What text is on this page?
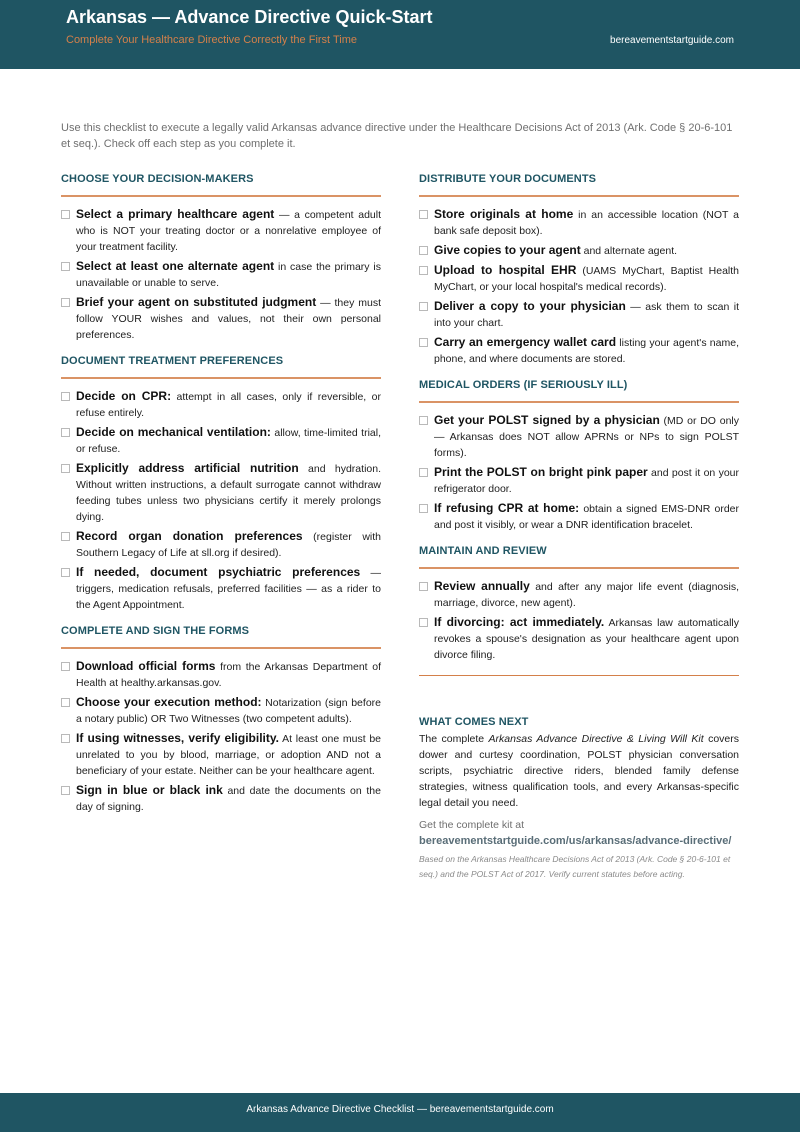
Arkansas — Advance Directive Quick-Start
Complete Your Healthcare Directive Correctly the First Time	bereavementstartguide.com
Use this checklist to execute a legally valid Arkansas advance directive under the Healthcare Decisions Act of 2013 (Ark. Code § 20-6-101 et seq.). Check off each step as you complete it.
CHOOSE YOUR DECISION-MAKERS
Select a primary healthcare agent — a competent adult who is NOT your treating doctor or a nonrelative employee of your treatment facility.
Select at least one alternate agent in case the primary is unavailable or unable to serve.
Brief your agent on substituted judgment — they must follow YOUR wishes and values, not their own personal preferences.
DOCUMENT TREATMENT PREFERENCES
Decide on CPR: attempt in all cases, only if reversible, or refuse entirely.
Decide on mechanical ventilation: allow, time-limited trial, or refuse.
Explicitly address artificial nutrition and hydration. Without written instructions, a default surrogate cannot withdraw feeding tubes unless two physicians certify it merely prolongs dying.
Record organ donation preferences (register with Southern Legacy of Life at sll.org if desired).
If needed, document psychiatric preferences — triggers, medication refusals, preferred facilities — as a rider to the Agent Appointment.
COMPLETE AND SIGN THE FORMS
Download official forms from the Arkansas Department of Health at healthy.arkansas.gov.
Choose your execution method: Notarization (sign before a notary public) OR Two Witnesses (two competent adults).
If using witnesses, verify eligibility. At least one must be unrelated to you by blood, marriage, or adoption AND not a beneficiary of your estate. Neither can be your healthcare agent.
Sign in blue or black ink and date the documents on the day of signing.
DISTRIBUTE YOUR DOCUMENTS
Store originals at home in an accessible location (NOT a bank safe deposit box).
Give copies to your agent and alternate agent.
Upload to hospital EHR (UAMS MyChart, Baptist Health MyChart, or your local hospital's medical records).
Deliver a copy to your physician — ask them to scan it into your chart.
Carry an emergency wallet card listing your agent's name, phone, and where documents are stored.
MEDICAL ORDERS (IF SERIOUSLY ILL)
Get your POLST signed by a physician (MD or DO only — Arkansas does NOT allow APRNs or NPs to sign POLST forms).
Print the POLST on bright pink paper and post it on your refrigerator door.
If refusing CPR at home: obtain a signed EMS-DNR order and post it visibly, or wear a DNR identification bracelet.
MAINTAIN AND REVIEW
Review annually and after any major life event (diagnosis, marriage, divorce, new agent).
If divorcing: act immediately. Arkansas law automatically revokes a spouse's designation as your healthcare agent upon divorce filing.
WHAT COMES NEXT
The complete Arkansas Advance Directive & Living Will Kit covers dower and curtesy coordination, POLST physician conversation scripts, psychiatric directive riders, blended family defense strategies, witness qualification tools, and every Arkansas-specific legal detail you need.
Get the complete kit at
bereavementstartguide.com/us/arkansas/advance-directive/
Based on the Arkansas Healthcare Decisions Act of 2013 (Ark. Code § 20-6-101 et seq.) and the POLST Act of 2017. Verify current statutes before acting.
Arkansas Advance Directive Checklist — bereavementstartguide.com
